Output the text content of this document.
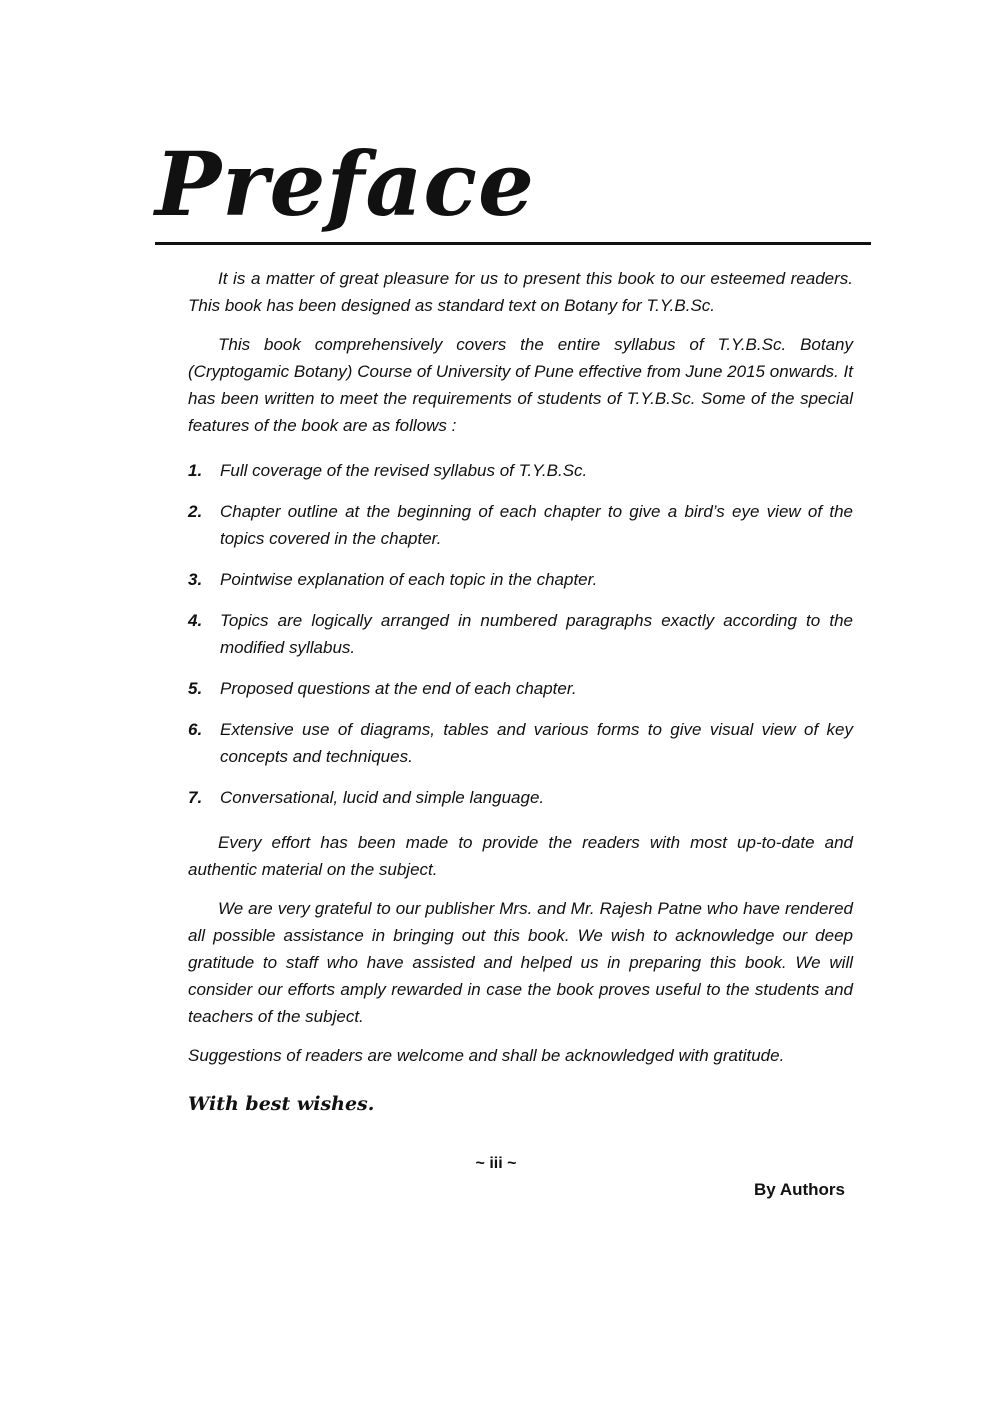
Preface

It is a matter of great pleasure for us to present this book to our esteemed readers. This book has been designed as standard text on Botany for T.Y.B.Sc.

This book comprehensively covers the entire syllabus of T.Y.B.Sc. Botany (Cryptogamic Botany) Course of University of Pune effective from June 2015 onwards. It has been written to meet the requirements of students of T.Y.B.Sc. Some of the special features of the book are as follows :

1.	Full coverage of the revised syllabus of T.Y.B.Sc.
2.	Chapter outline at the beginning of each chapter to give a bird’s eye view of the topics covered in the chapter.
3.	Pointwise explanation of each topic in the chapter.
4.	Topics are logically arranged in numbered paragraphs exactly according to the modified syllabus.
5.	Proposed questions at the end of each chapter.
6.	Extensive use of diagrams, tables and various forms to give visual view of key concepts and techniques.
7.	Conversational, lucid and simple language.

Every effort has been made to provide the readers with most up-to-date and authentic material on the subject.

We are very grateful to our publisher Mrs. and Mr. Rajesh Patne who have rendered all possible assistance in bringing out this book. We wish to acknowledge our deep gratitude to staff who have assisted and helped us in preparing this book. We will consider our efforts amply rewarded in case the book proves useful to the students and teachers of the subject.

Suggestions of readers are welcome and shall be acknowledged with gratitude.

With best wishes.

By Authors
~ iii ~
